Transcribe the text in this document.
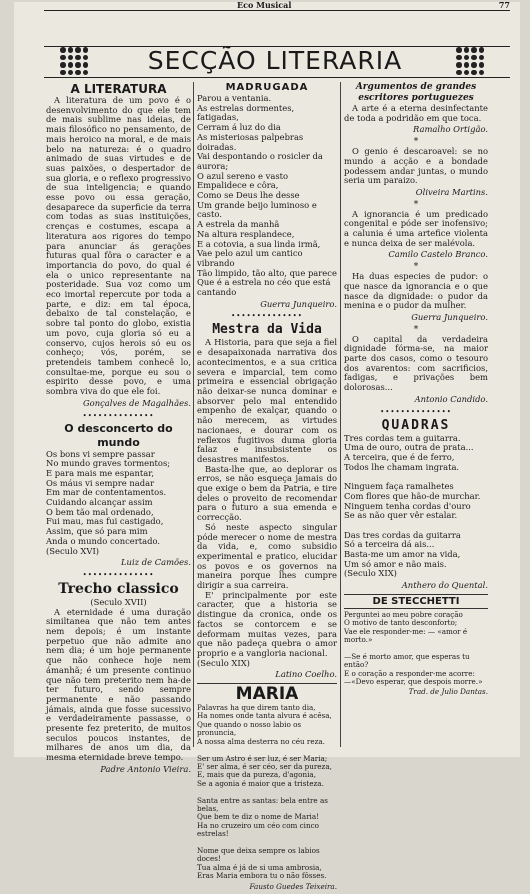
Eco Musical	77
SECÇÃO LITERARIA
A LITERATURA

A literatura de um povo é o desenvolvimento do que ele tem de mais sublime nas ideias, de mais filosófico no pensamento, de mais heroico na moral, e de mais belo na natureza: é o quadro animado de suas virtudes e de suas paixões, o despertador de sua gloria, e o reflexo progressivo de sua inteligencia; e quando esse povo ou essa geração, desaparece da superficie da terra com todas as suas instituições, crenças e costumes, escapa a literatura aos rigores do tempo para anunciar ás gerações futuras qual fôra o caracter e a importancia do povo, do qual é ela o unico representante na posteridade. Sua voz como um eco imortal repercute por toda a parte, e diz: em tal época, debaixo de tal constelação, e sobre tal ponto do globo, existia um povo, cuja gloria só eu a conservo, cujos herois só eu os conheço; vós, porém, se pretendeis tambem conhecê lo, consultae-me, porque eu sou o espirito desse povo, e uma sombra viva do que ele foi.

Gonçalves de Magalhães.
••••••••••••••
O desconcerto do mundo
Os bons vi sempre passar
No mundo graves tormentos;
E para mais me espantar,
Os máus vi sempre nadar
Em mar de contentamentos.
Cuidando alcançar assim
O bem tão mal ordenado,
Fui mau, mas fui castigado,
Assim, que só para mim
Anda o mundo concertado.
(Seculo XVI)
Luiz de Camões.
••••••••••••••
Trecho classico
(Seculo XVII)

A eternidade é uma duração similtanea que não tem antes nem depois; é um instante perpetuo que não admite ano nem dia; é um hoje permanente que não conhece hoje nem ámanhã; é um presente continuo que não tem preterito nem ha-de ter futuro, sendo sempre permanente e não passando jámais, ainda que fosse sucessivo e verdadeiramente passasse, o presente fez preterito, de muitos seculos poucos instantes, de milhares de anos um dia, da mesma eternidade breve tempo.

Padre Antonio Vieira.
MADRUGADA
Parou a ventania.
As estrelas dormentes, fatigadas,
Cerram á luz do dia
As misteriosas palpebras doiradas.
Vai despontando o rosicler da aurora;
O azul sereno e vasto
Empalidece e côra,
Como se Deus lhe desse
Um grande beijo luminoso e casto.
A estrela da manhã
Na altura resplandece,
E a cotovia, a sua linda irmã,
Vae pelo azul um cantico vibrando
Tão limpido, tão alto, que parece
Que é a estrela no céo que está cantando
Guerra Junqueiro.
••••••••••••••
Mestra da Vida

A Historia, para que seja a fiel e desapaixonada narrativa dos acontecimentos, e a sua critica severa e imparcial, tem como primeira e essencial obrigação não deixar-se nunca dominar e absorver pelo mal entendido empenho de exalçar, quando o não merecem, as virtudes nacionaes, e dourar com os reflexos fugitivos duma gloria falaz e insubsistente os desastres manifestos.

Basta-lhe que, ao deplorar os erros, se não esqueça jamais do que exige o bem da Patria, e tire deles o proveito de recomendar para o futuro a sua emenda e correcção.

Só neste aspecto singular póde merecer o nome de mestra da vida, e, como subsidio experimental e pratico, elucidar os povos e os governos na maneira porque lhes cumpre dirigir a sua carreira.

E' principalmente por este caracter, que a historia se distingue da cronica, onde os factos se contorcem e se deformam muitas vezes, para que não padeça quebra o amor proprio e a vangloria nacional.

(Seculo XIX)
Latino Coelho.
MARIA
Palavras ha que direm tanto dia,
Ha nomes onde tanta alvura é acêsa,
Que quando o nosso labio os pronuncia,
A nossa alma desterra no céu reza.

Ser um Astro é ser luz, é ser Maria;
E' ser alma, é ser céo, ser da pureza,
E, mais que da pureza, d'agonia,
Se a agonia é maior que a tristeza.

Santa entre as santas: bela entre as belas,
Que bem te diz o nome de Maria!
Ha no cruzeiro um céo com cinco estrelas!

Nome que deixa sempre os labios doces!
Tua alma é já de si uma ambrosia,
Eras Maria embora tu o não fôsses.
Fausto Guedes Teixeira.
Argumentos de grandes escritores portuguezes

A arte é a eterna desinfectante de toda a podridão em que toca.

Ramalho Ortigão.
*

O genio é descaroavel: se no mundo a acção e a bondade podessem andar juntas, o mundo seria um paraizo.

Oliveira Martins.
*

A ignorancia é um predicado congenital e póde ser inofensivo; a calunia é uma artefice violenta e nunca deixa de ser malévola.

Camilo Castelo Branco.
*

Ha duas especies de pudor: o que nasce da ignorancia e o que nasce da dignidade: o pudor da menina e o pudor da mulher.

Guerra Junqueiro.
*

O capital da verdadeira dignidade fórma-se, na maior parte dos casos, como o tesouro dos avarentos: com sacrificios, fadigas, e privações bem dolorosas...

Antonio Candido.
••••••••••••••
QUADRAS
Tres cordas tem a guitarra.
Uma de ouro, outra de prata...
A terceira, que é de ferro,
Todos lhe chamam ingrata.

Ninguem faça ramalhetes
Com flores que hão-de murchar.
Ninguem tenha cordas d'ouro
Se as não quer vêr estalar.

Das tres cordas da guitarra
Só a terceira dá ais...
Basta-me um amor na vida,
Um só amor e não mais.
(Seculo XIX)
Anthero do Quental.
DE STECCHETTI
Perguntei ao meu pobre coração
O motivo de tanto desconforto;
Vae ele responder-me: — «amor é morto.»

—Se é morto amor, que esperas tu então?
E o coração a responder-me acorre:
—«Devo esperar, que despois morre.»
Trad. de Julio Dantas.
